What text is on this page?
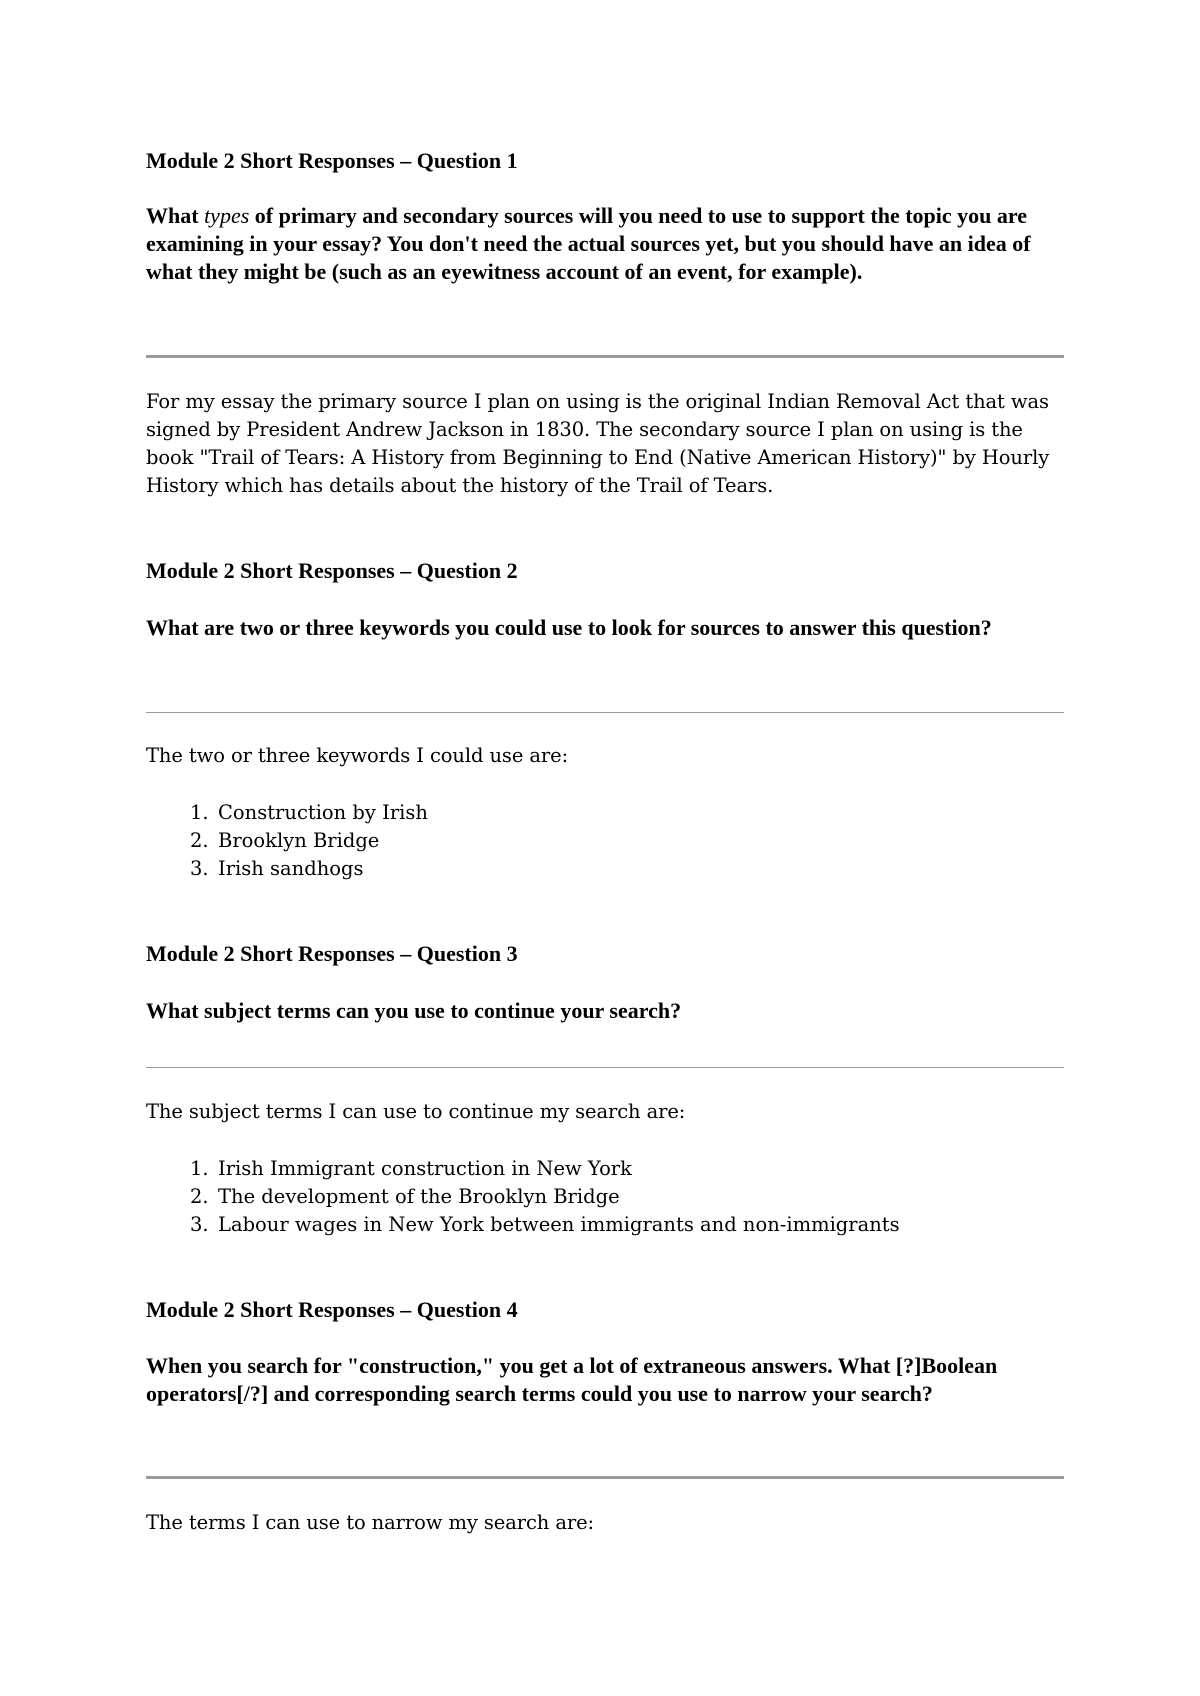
Module 2 Short Responses – Question 1

What types of primary and secondary sources will you need to use to support the topic you are examining in your essay? You don't need the actual sources yet, but you should have an idea of what they might be (such as an eyewitness account of an event, for example).

For my essay the primary source I plan on using is the original Indian Removal Act that was signed by President Andrew Jackson in 1830. The secondary source I plan on using is the book "Trail of Tears: A History from Beginning to End (Native American History)" by Hourly History which has details about the history of the Trail of Tears.

Module 2 Short Responses – Question 2

What are two or three keywords you could use to look for sources to answer this question?

The two or three keywords I could use are:

1. Construction by Irish
2. Brooklyn Bridge
3. Irish sandhogs
Module 2 Short Responses – Question 3

What subject terms can you use to continue your search?

The subject terms I can use to continue my search are:

1. Irish Immigrant construction in New York
2. The development of the Brooklyn Bridge
3. Labour wages in New York between immigrants and non-immigrants
Module 2 Short Responses – Question 4

When you search for "construction," you get a lot of extraneous answers. What [?]Boolean operators[/?] and corresponding search terms could you use to narrow your search?

The terms I can use to narrow my search are:
